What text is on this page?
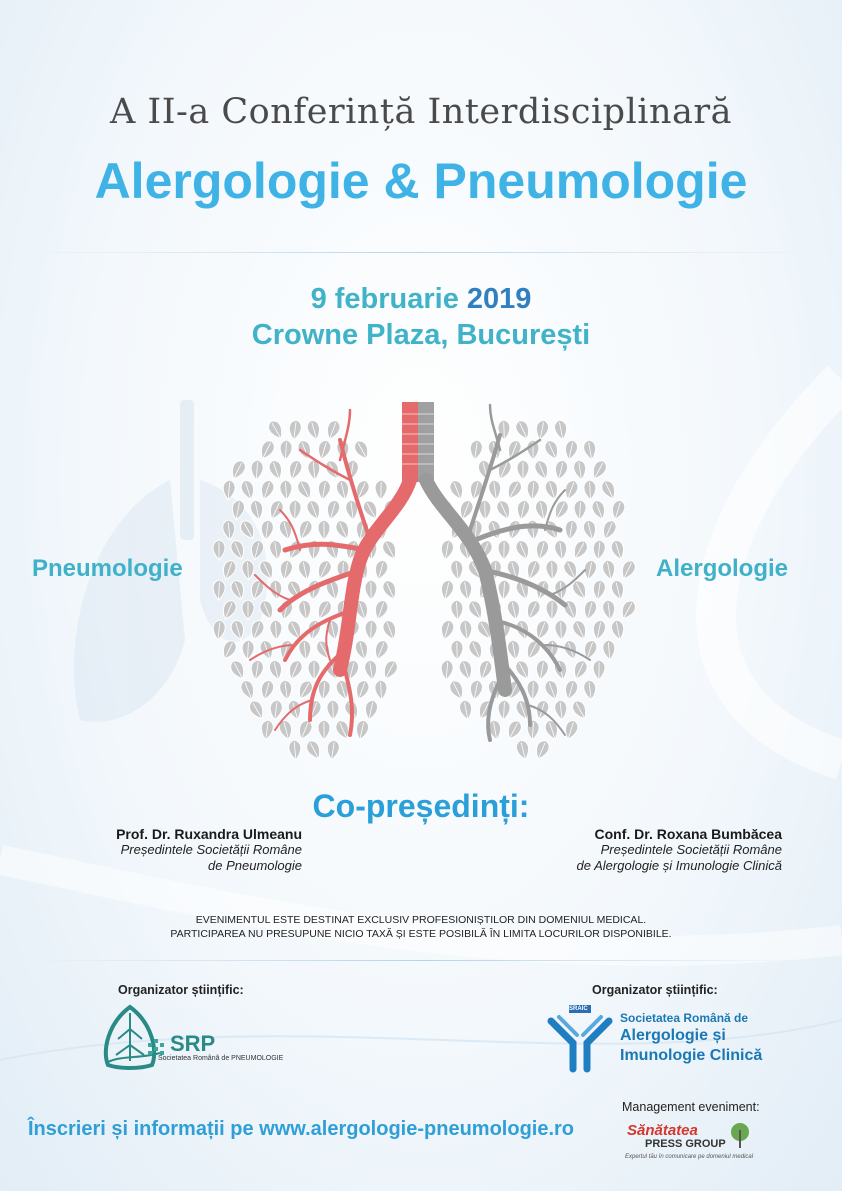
A II-a Conferință Interdisciplinară
Alergologie & Pneumologie
9 februarie 2019
Crowne Plaza, București
Pneumologie	Alergologie
Co-președinți:
Prof. Dr. Ruxandra Ulmeanu
Președintele Societății Române
de Pneumologie
Conf. Dr. Roxana Bumbăcea
Președintele Societății Române
de Alergologie și Imunologie Clinică
EVENIMENTUL ESTE DESTINAT EXCLUSIV PROFESIONIȘTILOR DIN DOMENIUL MEDICAL.
PARTICIPAREA NU PRESUPUNE NICIO TAXĂ ȘI ESTE POSIBILĂ ÎN LIMITA LOCURILOR DISPONIBILE.
Organizator științific:
SRP
Societatea Română de PNEUMOLOGIE
Organizator științific:
SRAIC
Societatea Română de
Alergologie și
Imunologie Clinică
Înscrieri și informații pe www.alergologie-pneumologie.ro
Management eveniment:
Sănătatea
PRESS GROUP
Expertul tău în comunicare pe domeniul medical
